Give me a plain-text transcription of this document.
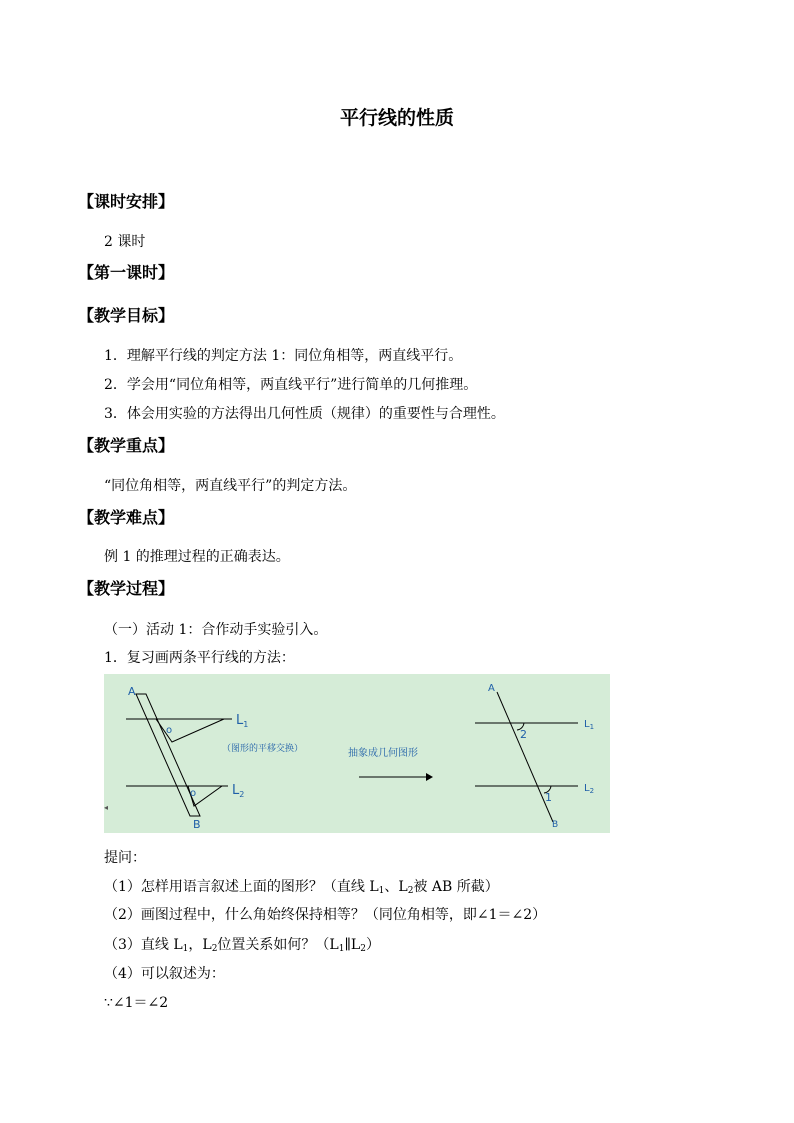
平行线的性质
【课时安排】
2 课时
【第一课时】
【教学目标】
1．理解平行线的判定方法 1：同位角相等，两直线平行。
2．学会用“同位角相等，两直线平行”进行简单的几何推理。
3．体会用实验的方法得出几何性质（规律）的重要性与合理性。
【教学重点】
“同位角相等，两直线平行”的判定方法。
【教学难点】
例 1 的推理过程的正确表达。
【教学过程】
（一）活动 1：合作动手实验引入。
1．复习画两条平行线的方法：
A
B
$L_1$
$L_2$
o
o
（图形的平移交换）
◂
抽象成几何图形
A
B
$L_1$
$L_2$
2
1
提问：
（1）怎样用语言叙述上面的图形？（直线 $L_1$、$L_2$被 AB 所截）
（2）画图过程中，什么角始终保持相等？（同位角相等，即∠1＝∠2）
（3）直线 $L_1$，$L_2$位置关系如何？$(L_1\parallel L_2)$
（4）可以叙述为：
∵∠1＝∠2
